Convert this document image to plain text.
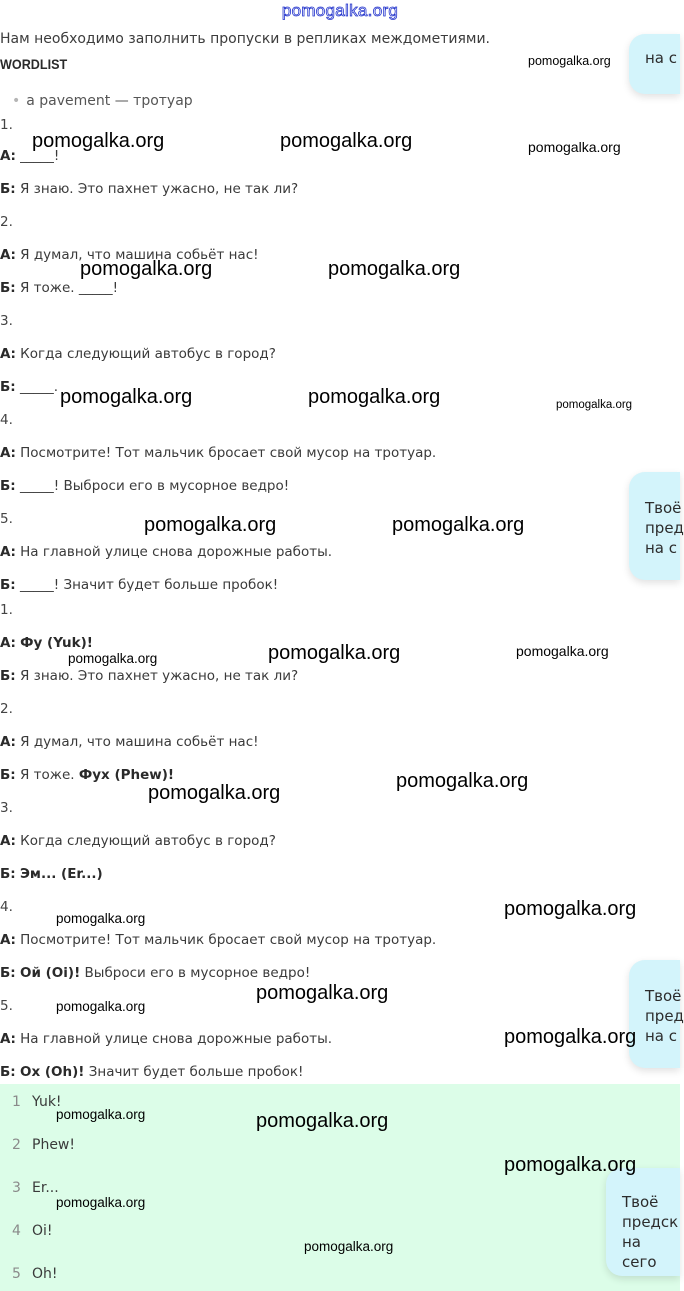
pomogalka.org
Нам необходимо заполнить пропуски в репликах междометиями.
WORDLIST
• a pavement — тротуар
1.
А: _____!
Б: Я знаю. Это пахнет ужасно, не так ли?
2.
А: Я думал, что машина собьёт нас!
Б: Я тоже. _____!
3.
А: Когда следующий автобус в город?
Б: _____.
4.
А: Посмотрите! Тот мальчик бросает свой мусор на тротуар.
Б: _____! Выброси его в мусорное ведро!
5.
А: На главной улице снова дорожные работы.
Б: _____! Значит будет больше пробок!
1.
А: Фу (Yuk)!
Б: Я знаю. Это пахнет ужасно, не так ли?
2.
А: Я думал, что машина собьёт нас!
Б: Я тоже. Фух (Phew)!
3.
А: Когда следующий автобус в город?
Б: Эм... (Er...)
4.
А: Посмотрите! Тот мальчик бросает свой мусор на тротуар.
Б: Ой (Oi)! Выброси его в мусорное ведро!
5.
А: На главной улице снова дорожные работы.
Б: Ох (Oh)! Значит будет больше пробок!
1 Yuk!
2 Phew!
3 Er...
4 Oi!
5 Oh!
на с
Твоё
пред
на с
Твоё
пред
на с
Твоё
предск
на сего
pomogalka.org
pomogalka.org	pomogalka.org	pomogalka.org
pomogalka.org	pomogalka.org
pomogalka.org	pomogalka.org	pomogalka.org
pomogalka.org	pomogalka.org
pomogalka.org	pomogalka.org
pomogalka.org
pomogalka.org
pomogalka.org
pomogalka.org
pomogalka.org
pomogalka.org
pomogalka.org
pomogalka.org
pomogalka.org	pomogalka.org
pomogalka.org
pomogalka.org
pomogalka.org
